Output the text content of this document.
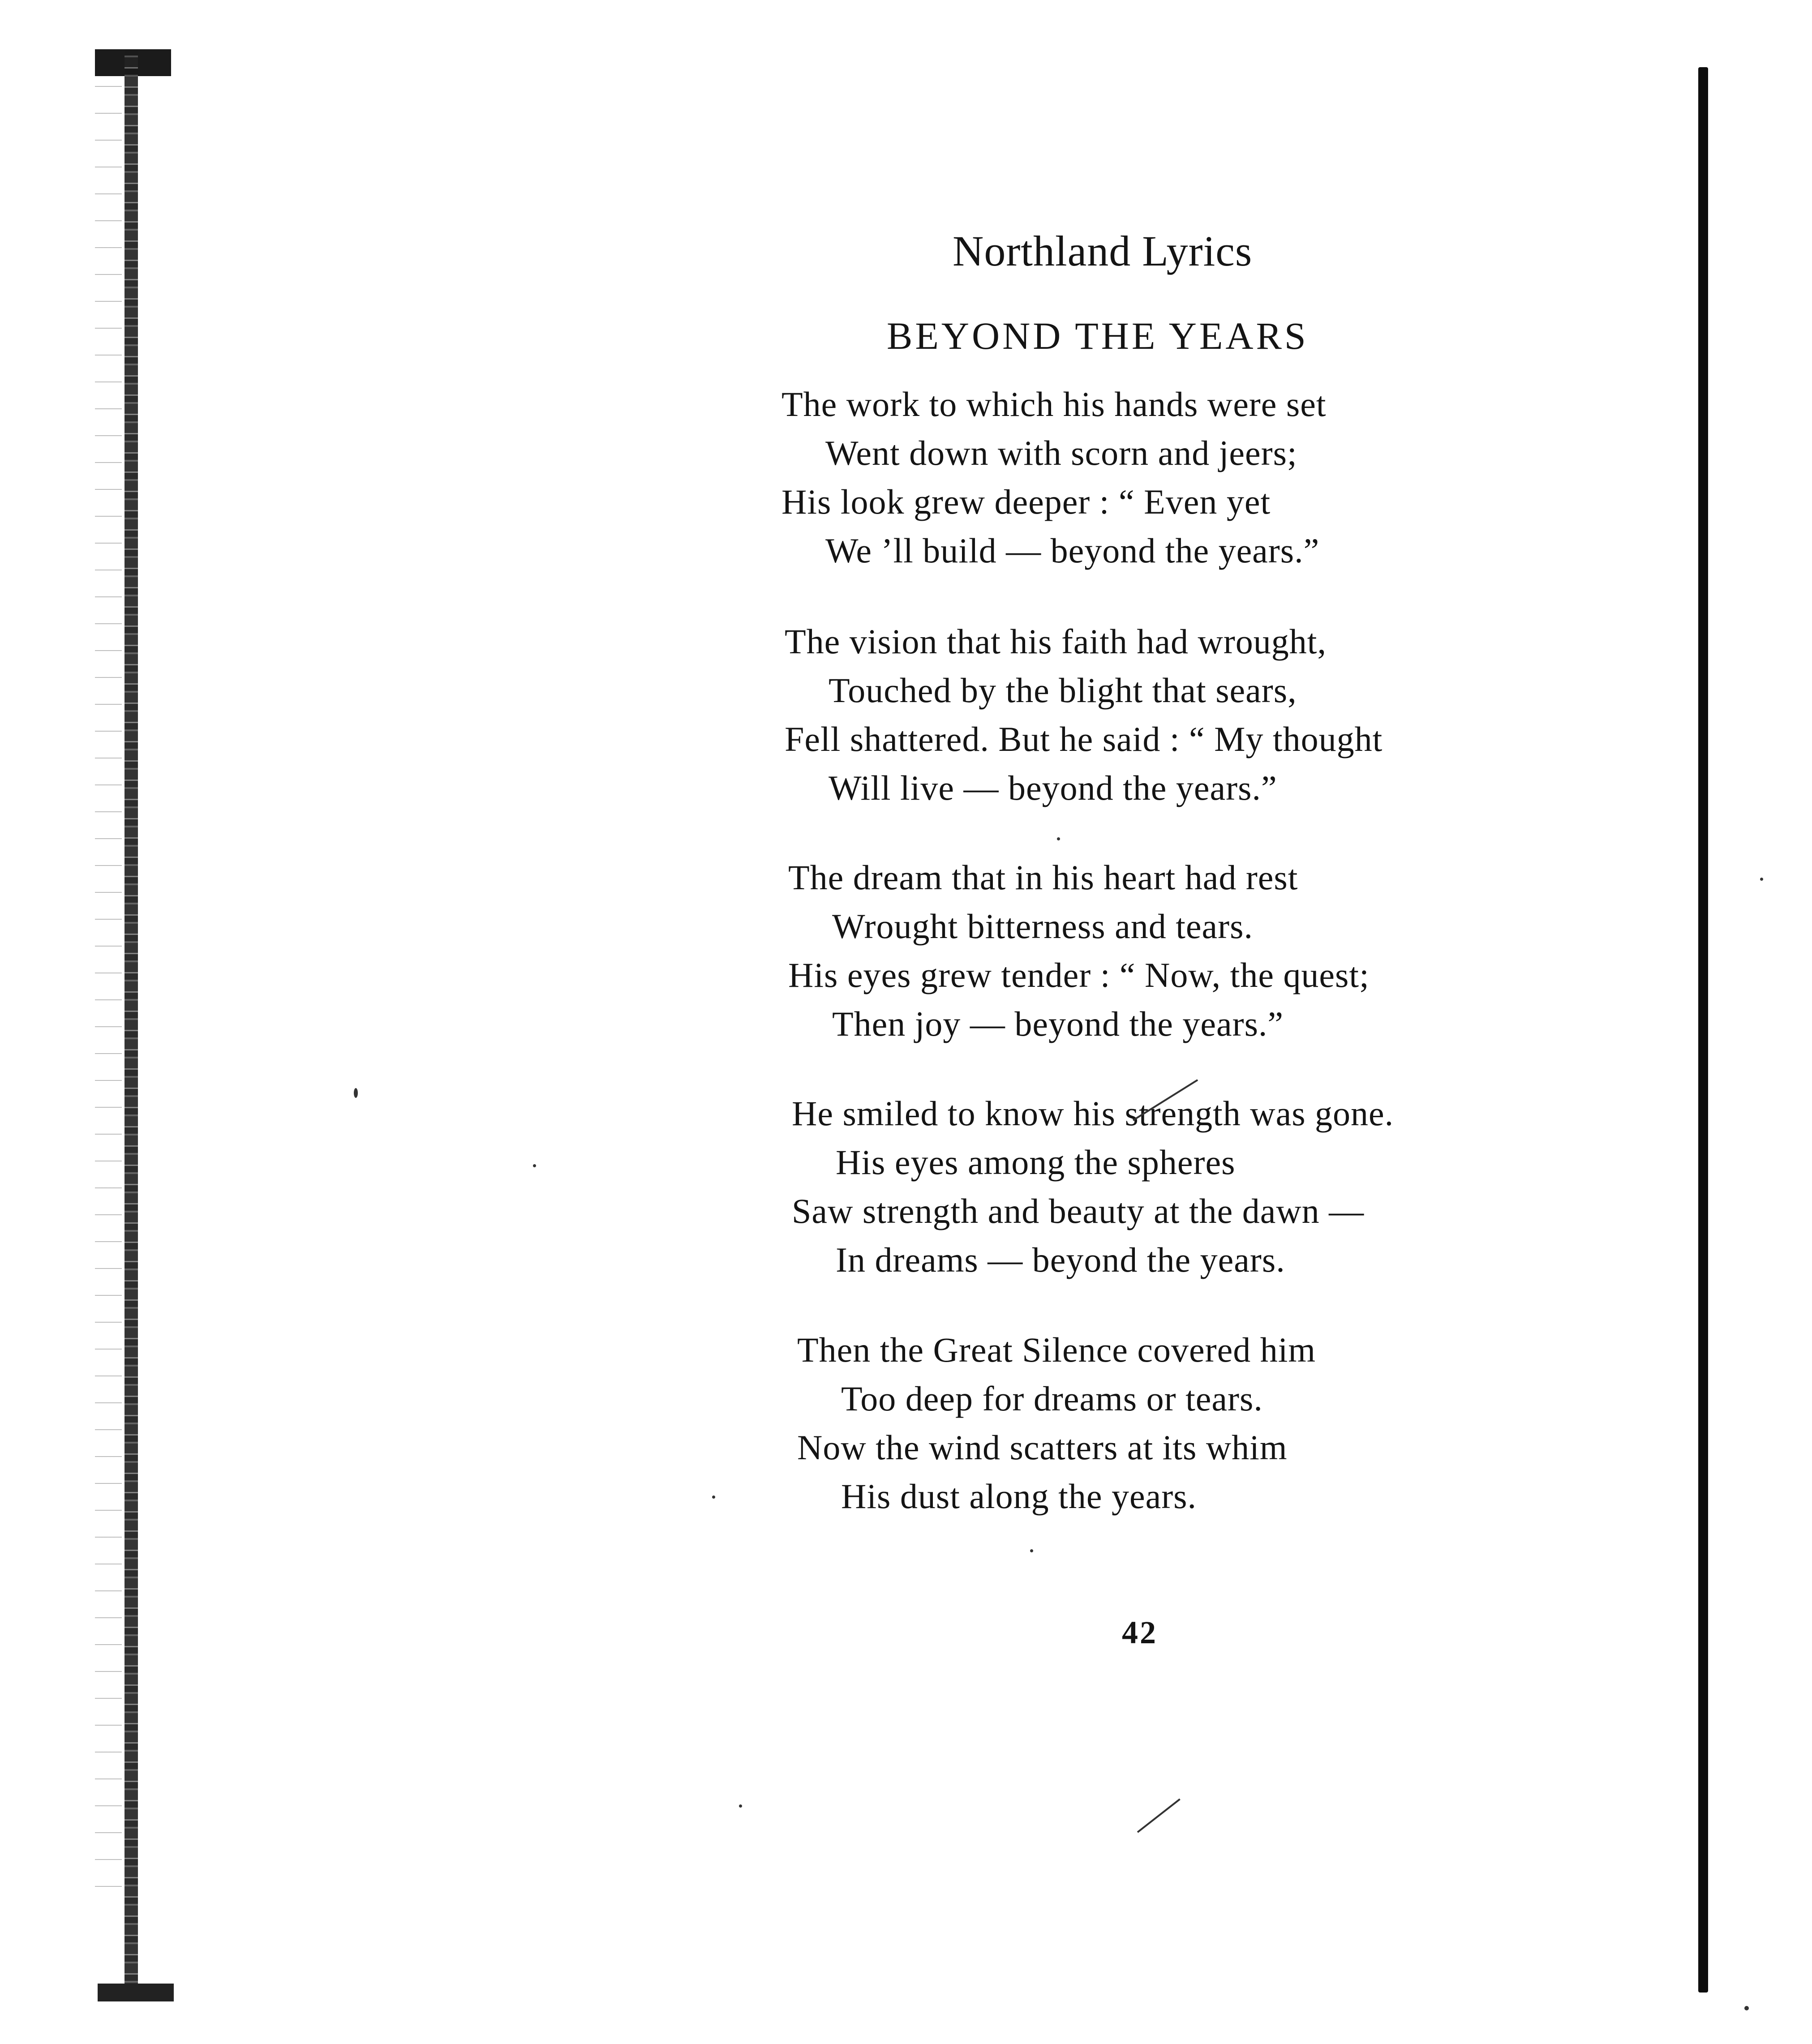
Northland Lyrics
BEYOND THE YEARS
The work to which his hands were set
Went down with scorn and jeers;
His look grew deeper : “ Even yet
We ’ll build — beyond the years.”
The vision that his faith had wrought,
Touched by the blight that sears,
Fell shattered. But he said : “ My thought
Will live — beyond the years.”
The dream that in his heart had rest
Wrought bitterness and tears.
His eyes grew tender : “ Now, the quest;
Then joy — beyond the years.”
He smiled to know his strength was gone.
His eyes among the spheres
Saw strength and beauty at the dawn —
In dreams — beyond the years.
Then the Great Silence covered him
Too deep for dreams or tears.
Now the wind scatters at its whim
His dust along the years.
42
